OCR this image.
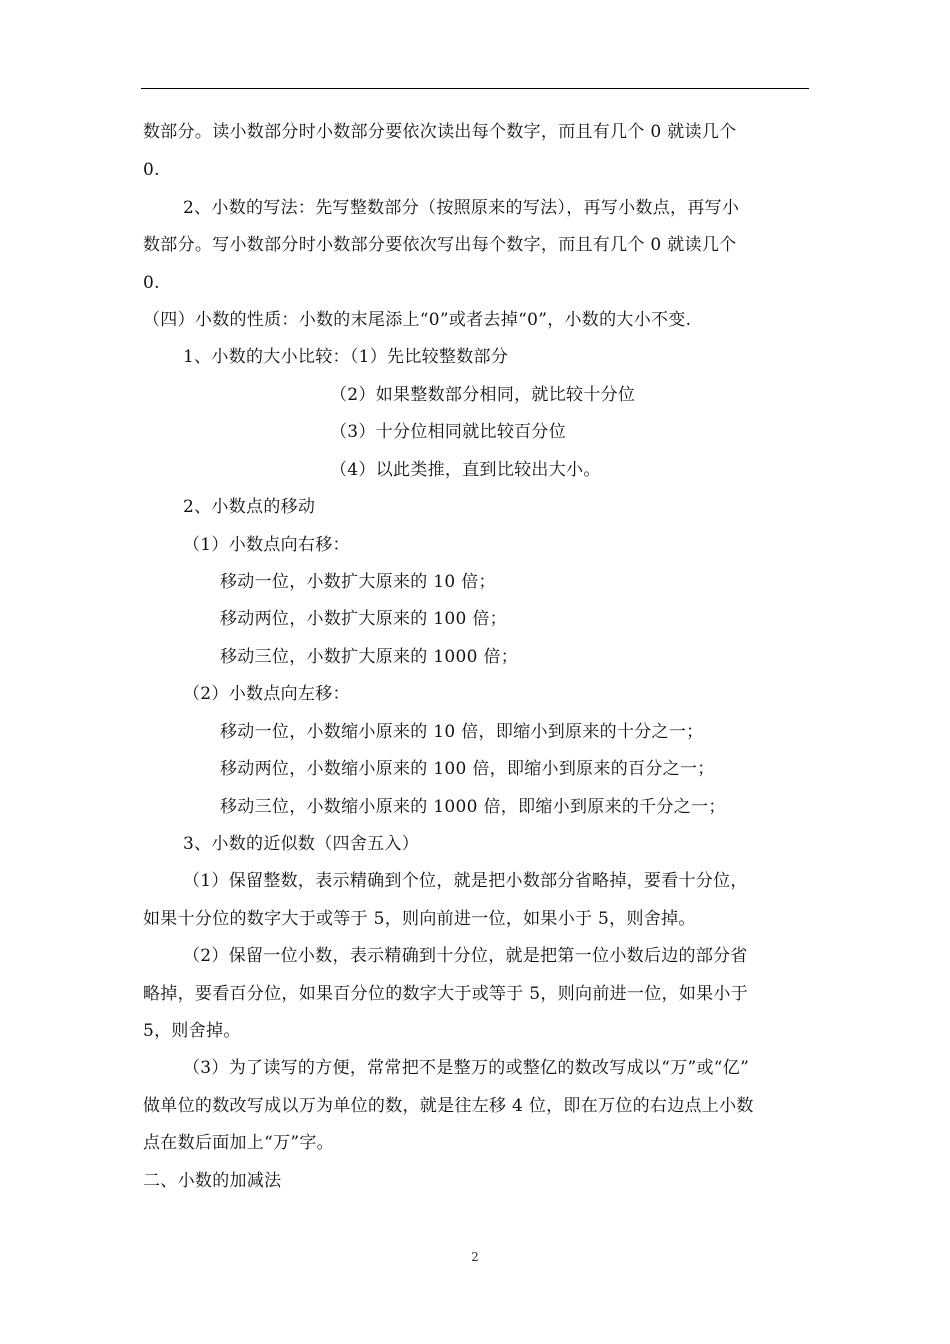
数部分。读小数部分时小数部分要依次读出每个数字，而且有几个 0 就读几个
0.
2、小数的写法：先写整数部分（按照原来的写法），再写小数点，再写小
数部分。写小数部分时小数部分要依次写出每个数字，而且有几个 0 就读几个
0.
（四）小数的性质：小数的末尾添上“0”或者去掉“0”，小数的大小不变.
1、小数的大小比较：（1）先比较整数部分
（2）如果整数部分相同，就比较十分位
（3）十分位相同就比较百分位
（4）以此类推，直到比较出大小。
2、小数点的移动
（1）小数点向右移：
移动一位，小数扩大原来的 10 倍；
移动两位，小数扩大原来的 100 倍；
移动三位，小数扩大原来的 1000 倍；
（2）小数点向左移：
移动一位，小数缩小原来的 10 倍，即缩小到原来的十分之一；
移动两位，小数缩小原来的 100 倍，即缩小到原来的百分之一；
移动三位，小数缩小原来的 1000 倍，即缩小到原来的千分之一；
3、小数的近似数（四舍五入）
（1）保留整数，表示精确到个位，就是把小数部分省略掉，要看十分位，
如果十分位的数字大于或等于 5，则向前进一位，如果小于 5，则舍掉。
（2）保留一位小数，表示精确到十分位，就是把第一位小数后边的部分省
略掉，要看百分位，如果百分位的数字大于或等于 5，则向前进一位，如果小于
5，则舍掉。
（3）为了读写的方便，常常把不是整万的或整亿的数改写成以“万”或“亿”
做单位的数改写成以万为单位的数，就是往左移 4 位，即在万位的右边点上小数
点在数后面加上“万”字。
二、小数的加减法
2
